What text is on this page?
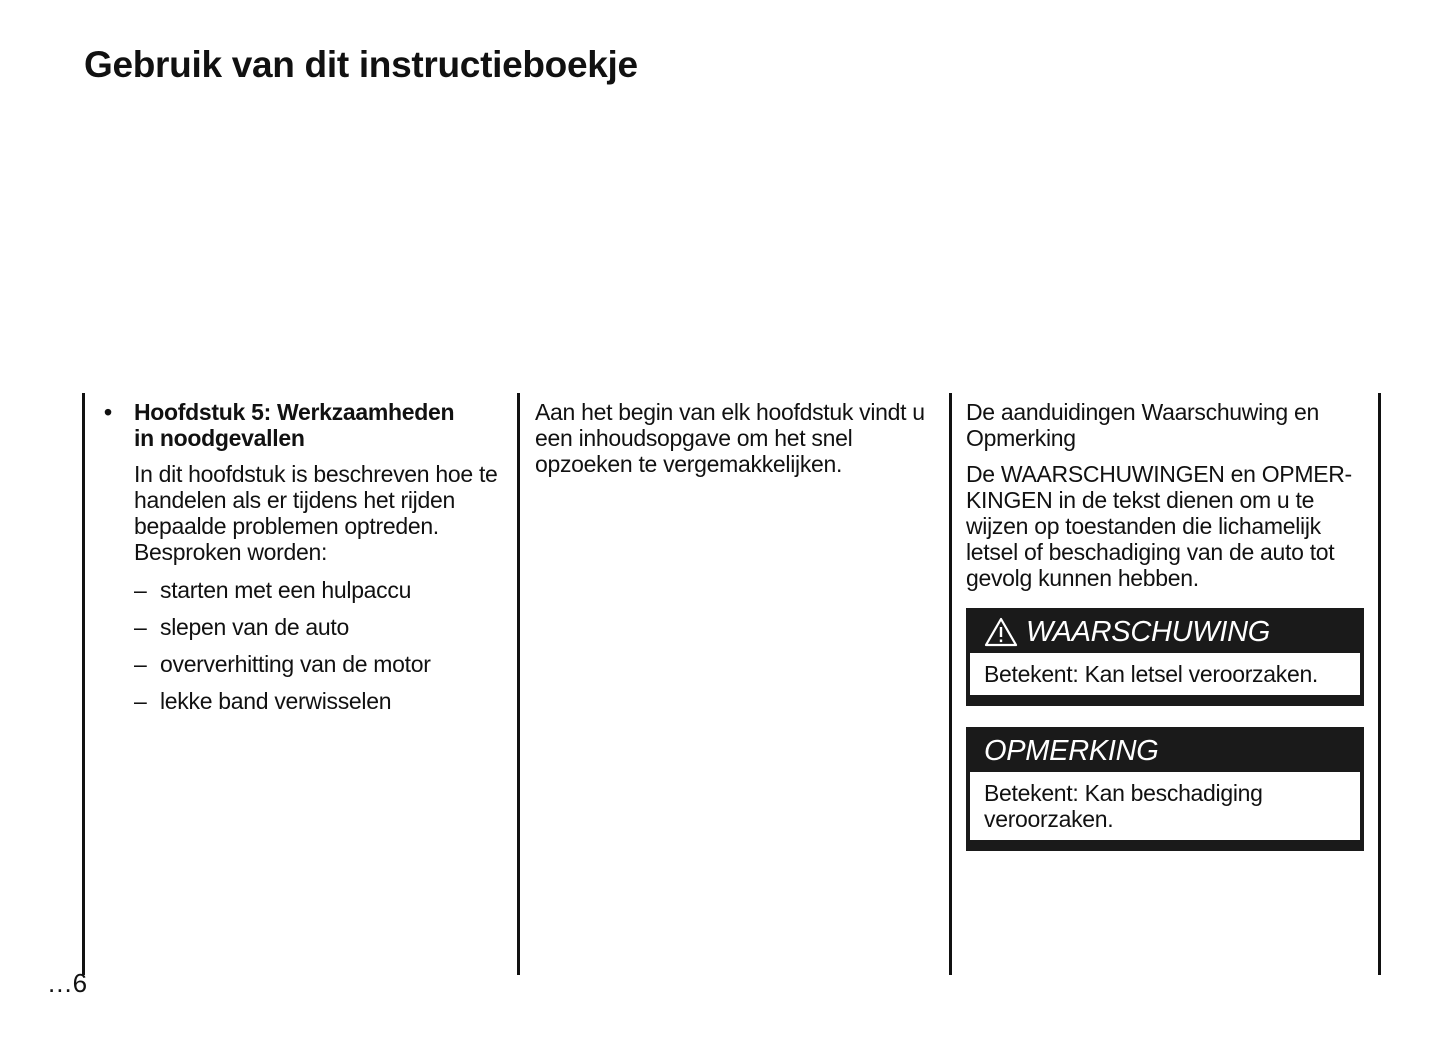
Gebruik van dit instructieboekje
• Hoofdstuk 5: Werkzaamheden
in noodgevallen

In dit hoofdstuk is beschreven hoe te handelen als er tijdens het rijden bepaalde problemen optreden. Besproken worden:

– starten met een hulpaccu
– slepen van de auto
– oververhitting van de motor
– lekke band verwisselen

Aan het begin van elk hoofdstuk vindt u een inhoudsopgave om het snel opzoeken te vergemakkelijken.

De aanduidingen Waarschuwing en Opmerking

De WAARSCHUWINGEN en OPMER-KINGEN in de tekst dienen om u te wijzen op toestanden die lichamelijk letsel of beschadiging van de auto tot gevolg kunnen hebben.

WAARSCHUWING
Betekent: Kan letsel veroorzaken.
OPMERKING
Betekent: Kan beschadiging veroorzaken.
...6
